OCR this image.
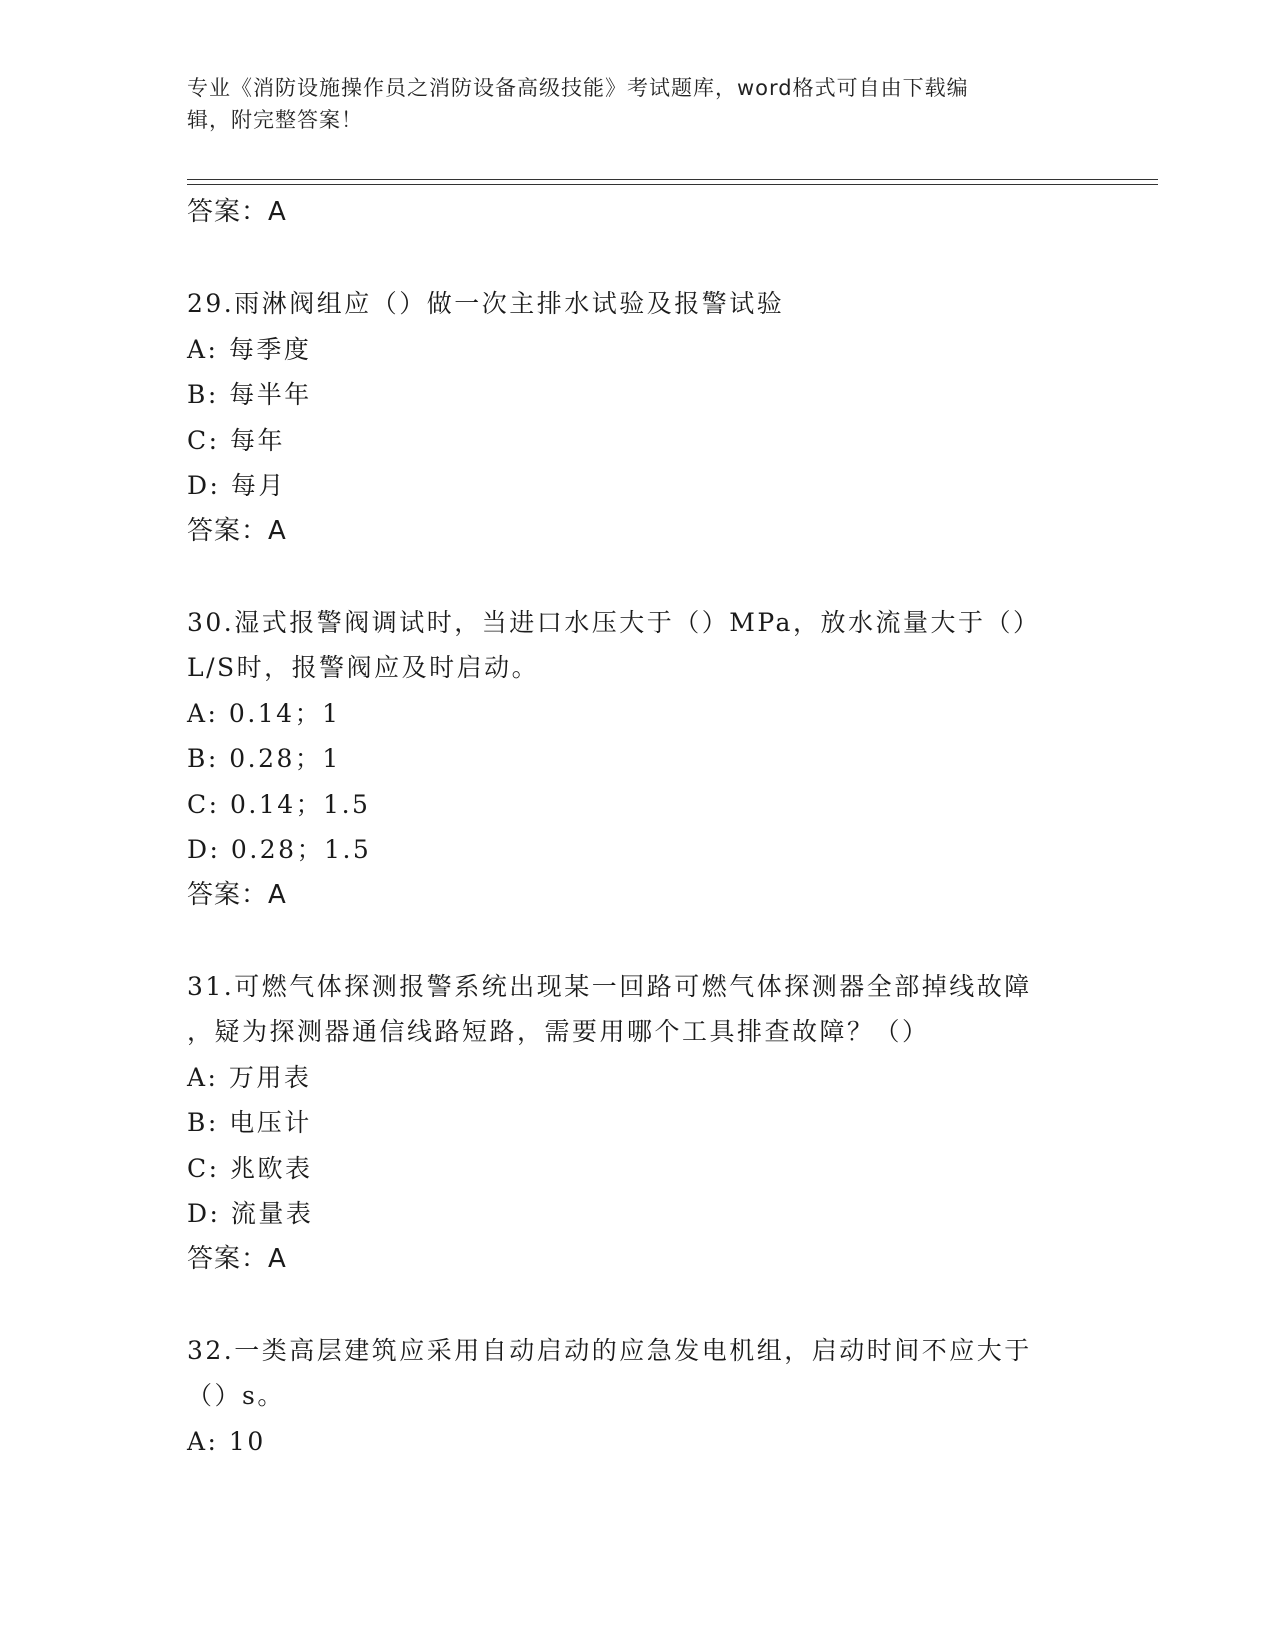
专业《消防设施操作员之消防设备高级技能》考试题库，word格式可自由下载编
辑，附完整答案！
答案：A
29.雨淋阀组应（）做一次主排水试验及报警试验
A: 每季度
B: 每半年
C: 每年
D: 每月
答案：A
30.湿式报警阀调试时，当进口水压大于（）MPa，放水流量大于（）
L/S时，报警阀应及时启动。
A: 0.14；1
B: 0.28；1
C: 0.14；1.5
D: 0.28；1.5
答案：A
31.可燃气体探测报警系统出现某一回路可燃气体探测器全部掉线故障
，疑为探测器通信线路短路，需要用哪个工具排查故障？（）
A: 万用表
B: 电压计
C: 兆欧表
D: 流量表
答案：A
32.一类高层建筑应采用自动启动的应急发电机组，启动时间不应大于
（）s。
A: 10
